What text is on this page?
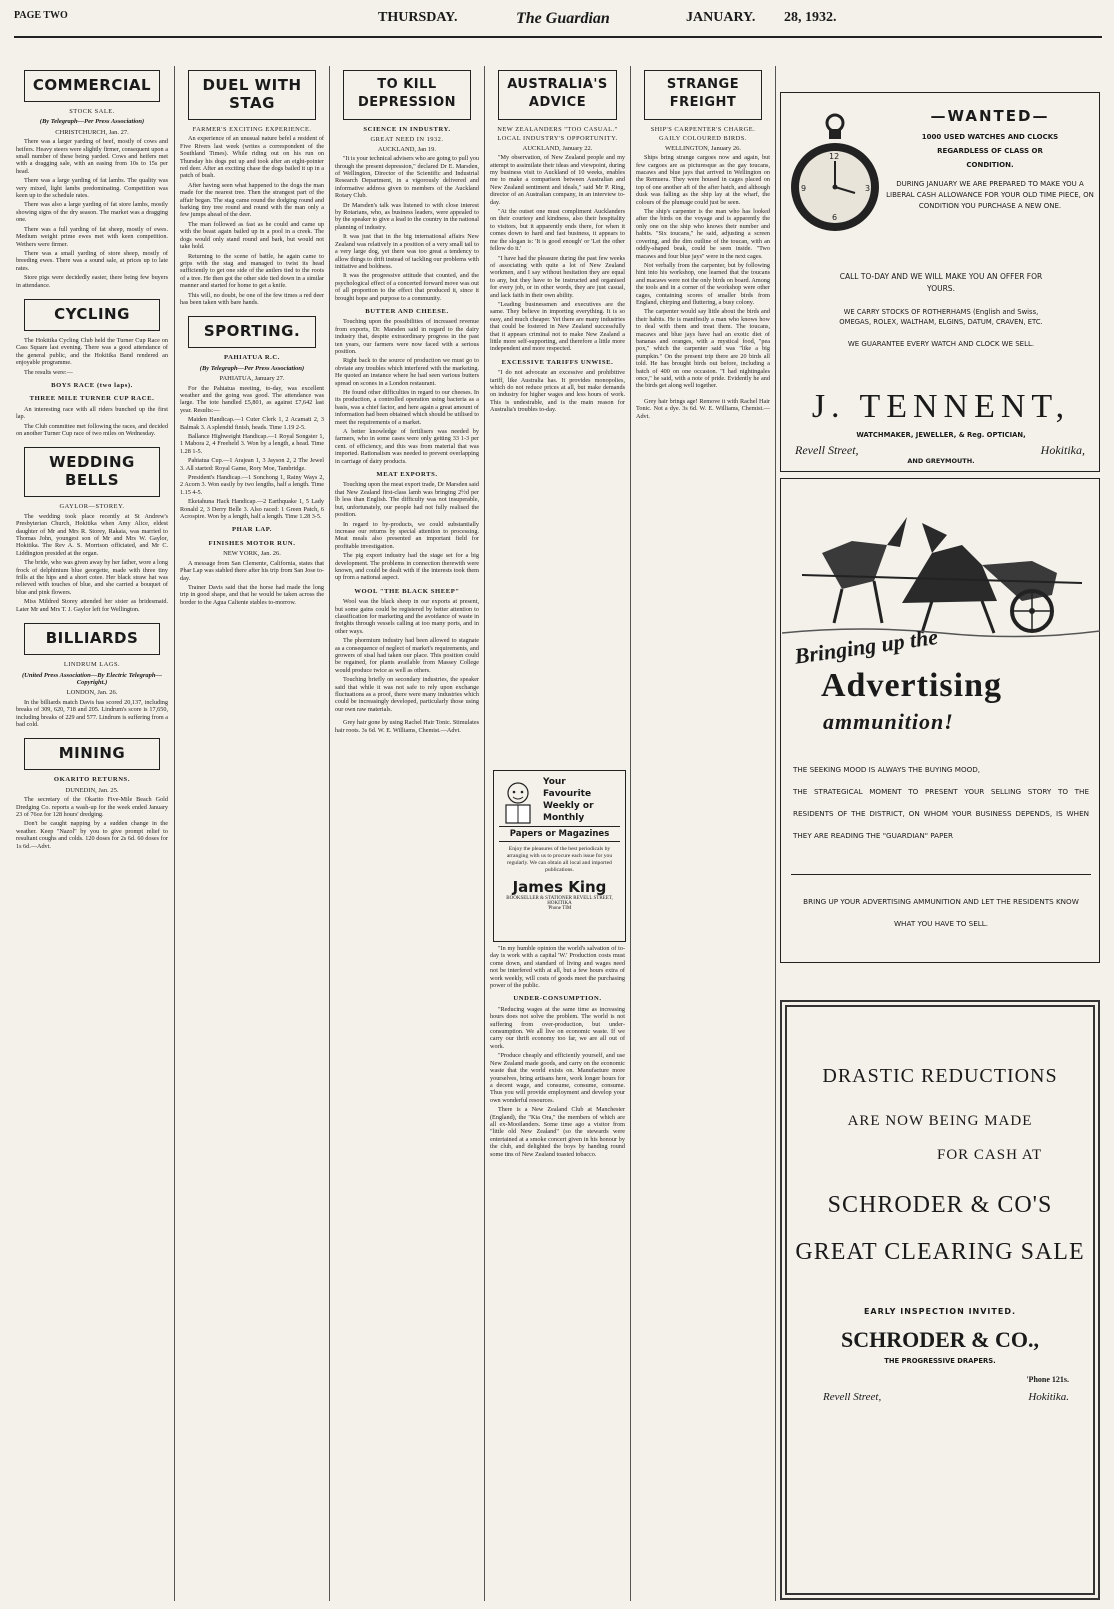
PAGE TWO	THURSDAY.	The Guardian	JANUARY. 28, 1932.
COMMERCIAL
STOCK SALE.
(By Telegraph—Per Press Association)
CHRISTCHURCH, Jan. 27.

There was a larger yarding of beef, mostly of cows and heifers. Heavy steers were slightly firmer, consequent upon a small number of these being yarded. Cows and heifers met with a dragging sale, with an easing from 10s to 15s per head.

There was a large yarding of fat lambs. The quality was very mixed, light lambs predominating. Competition was keen up to the schedule rates.

There was also a large yarding of fat store lambs, mostly showing signs of the dry season. The market was a dragging one.

There was a full yarding of fat sheep, mostly of ewes. Medium weight prime ewes met with keen competition. Wethers were firmer.

There was a small yarding of store sheep, mostly of breeding ewes. There was a sound sale, at prices up to late rates.

Store pigs were decidedly easier, there being few buyers in attendance.

CYCLING

The Hokitika Cycling Club held the Turner Cup Race on Cass Square last evening. There was a good attendance of the general public, and the Hokitika Band rendered an enjoyable programme.

The results were:—

BOYS RACE (two laps).
THREE MILE TURNER CUP RACE.

An interesting race with all riders bunched up the first lap.

The Club committee met following the races, and decided on another Turner Cup race of two miles on Wednesday.

WEDDING BELLS
GAYLOR—STOREY.

The wedding took place recently at St Andrew's Presbyterian Church, Hokitika when Amy Alice, eldest daughter of Mr and Mrs R. Storey, Rakaia, was married to Thomas John, youngest son of Mr and Mrs W. Gaylor, Hokitika. The Rev A. S. Morrison officiated, and Mr C. Liddington presided at the organ.

The bride, who was given away by her father, wore a long frock of delphinium blue georgette, made with three tiny frills at the hips and a short cotee. Her black straw hat was relieved with touches of blue, and she carried a bouquet of blue and pink flowers.

Miss Mildred Storey attended her sister as bridesmaid. Later Mr and Mrs T. J. Gaylor left for Wellington.

BILLIARDS
LINDRUM LAGS.
(United Press Association—By Electric Telegraph—Copyright.)
LONDON, Jan. 26.

In the billiards match Davis has scored 20,137, including breaks of 309, 620, 718 and 205. Lindrum's score is 17,650, including breaks of 229 and 577. Lindrum is suffering from a bad cold.

MINING
OKARITO RETURNS.
DUNEDIN, Jan. 25.

The secretary of the Okarito Five-Mile Beach Gold Dredging Co. reports a wash-up for the week ended January 23 of 76oz for 128 hours' dredging.

Don't be caught napping by a sudden change in the weather. Keep "Nazol" by you to give prompt relief to resultant coughs and colds. 120 doses for 2s 6d. 60 doses for 1s 6d.—Advt.

DUEL WITH STAG
FARMER'S EXCITING EXPERIENCE.

An experience of an unusual nature befel a resident of Five Rivers last week (writes a correspondent of the Southland Times). While riding out on his run on Thursday his dogs put up and took after an eight-pointer red deer. After an exciting chase the dogs bailed it up in a patch of bush.

After having seen what happened to the dogs the man made for the nearest tree. Then the strangest part of the affair began. The stag came round the dodging round and barking tiny tree round and round with the man only a few jumps ahead of the deer.

The man followed as fast as he could and came up with the beast again bailed up in a pool in a creek. The dogs would only stand round and bark, but would not take hold.

Returning to the scene of battle, he again came to grips with the stag and managed to twist its head sufficiently to get one side of the antlers tied to the roots of a tree. He then got the other side tied down in a similar manner and started for home to get a knife.

This will, no doubt, be one of the few times a red deer has been taken with bare hands.

SPORTING.
PAHIATUA R.C.
(By Telegraph—Per Press Association)
PAHIATUA, January 27.

For the Pahiatua meeting, to-day, was excellent weather and the going was good. The attendance was large. The tote handled £5,801, as against £7,642 last year. Results:—

Maiden Handicap.—1 Cuter Clerk 1, 2 Acamati 2, 3 Balmak 3. A splendid finish, heads. Time 1.19 2-5.

Ballance Highweight Handicap.—1 Royal Songster 1, 1 Mabora 2, 4 Freeheld 3. Won by a length, a head. Time 1.28 1-5.

Pahiatua Cup.—1 Arajean 1, 3 Jayson 2, 2 The Jewel 3. All started: Royal Game, Rory Moe, Tambridge.

President's Handicap.—1 Sonchong 1, Rainy Ways 2, 2 Acorn 3. Won easily by two lengths, half a length. Time 1.15 4-5.

Eketahuna Hack Handicap.—2 Earthquake 1, 5 Lady Ronald 2, 3 Derry Belle 3. Also raced: 1 Green Patch, 6 Acrospire. Won by a length, half a length. Time 1.28 3-5.

PHAR LAP.
FINISHES MOTOR RUN.
NEW YORK, Jan. 26.

A message from San Clemente, California, states that Phar Lap was stabled there after his trip from San Jose to-day.

Trainer Davis said that the horse had made the long trip in good shape, and that he would be taken across the border to the Agua Caliente stables to-morrow.

TO KILL DEPRESSION
SCIENCE IN INDUSTRY.
GREAT NEED IN 1932.
AUCKLAND, Jan 19.

"It is your technical advisers who are going to pull you through the present depression," declared Dr E. Marsden, of Wellington, Director of the Scientific and Industrial Research Department, in a vigorously delivered and informative address given to members of the Auckland Rotary Club.

Dr Marsden's talk was listened to with close interest by Rotarians, who, as business leaders, were appealed to by the speaker to give a lead to the country in the national planning of industry.

It was just that in the big international affairs New Zealand was relatively in a position of a very small tail to a very large dog, yet there was too great a tendency to allow things to drift instead of tackling our problems with initiative and boldness.

It was the progressive attitude that counted, and the psychological effect of a concerted forward move was out of all proportion to the effect that produced it, since it brought hope and purpose to a community.

BUTTER AND CHEESE.

Touching upon the possibilities of increased revenue from exports, Dr. Marsden said in regard to the dairy industry that, despite extraordinary progress in the past ten years, our farmers were now faced with a serious position.

Right back to the source of production we must go to obviate any troubles which interfered with the marketing. He quoted an instance where he had seen various butters spread on scones in a London restaurant.

He found other difficulties in regard to our cheeses. In its production, a controlled operation using bacteria as a basis, was a chief factor, and here again a great amount of information had been obtained which should be utilised to meet the requirements of a market.

A better knowledge of fertilisers was needed by farmers, who in some cases were only getting 33 1-3 per cent. of efficiency, and this was from material that was imported. Rationalism was needed to prevent overlapping in carriage of dairy products.

MEAT EXPORTS.

Touching upon the meat export trade, Dr Marsden said that New Zealand first-class lamb was bringing 2½d per lb less than English. The difficulty was not insuperable, but, unfortunately, our people had not fully realised the position.

In regard to by-products, we could substantially increase our returns by special attention to processing. Meat meals also presented an important field for profitable investigation.

The pig export industry had the stage set for a big development. The problems in connection therewith were known, and could be dealt with if the interests took them up from a national aspect.

WOOL "THE BLACK SHEEP"

Wool was the black sheep in our exports at present, but some gains could be registered by better attention to classification for marketing and the avoidance of waste in freights through vessels calling at too many ports, and in other ways.

The phormium industry had been allowed to stagnate as a consequence of neglect of market's requirements, and growers of sisal had taken our place. This position could be regained, for plants available from Massey College would produce twice as well as others.

Touching briefly on secondary industries, the speaker said that while it was not safe to rely upon exchange fluctuations as a proof, there were many industries which could be increasingly developed, particularly those using our own raw materials.

Grey hair gone by using Rachel Hair Tonic. Stimulates hair roots. 3s 6d. W. E. Williams, Chemist.—Advt.

AUSTRALIA'S ADVICE
NEW ZEALANDERS "TOO CASUAL."
LOCAL INDUSTRY'S OPPORTUNITY.
AUCKLAND, January 22.

"My observation, of New Zealand people and my attempt to assimilate their ideas and viewpoint, during my business visit to Auckland of 10 weeks, enables me to make a comparison between Australian and New Zealand sentiment and ideals," said Mr P. Ring, director of an Australian company, in an interview to-day.

"At the outset one must compliment Aucklanders on their courtesy and kindness, also their hospitality to visitors, but it apparently ends there, for when it comes down to hard and fast business, it appears to me the slogan is: 'It is good enough' or 'Let the other fellow do it.'

"I have had the pleasure during the past few weeks of associating with quite a lot of New Zealand workmen, and I say without hesitation they are equal to any, but they have to be instructed and organised for every job, or in other words, they are just casual, and lack faith in their own ability.

"Leading businessmen and executives are the same. They believe in importing everything. It is so easy, and much cheaper. Yet there are many industries that could be fostered in New Zealand successfully that it appears criminal not to make New Zealand a little more self-supporting, and therefore a little more independent and more respected.

EXCESSIVE TARIFFS UNWISE.

"I do not advocate an excessive and prohibitive tariff, like Australia has. It provides monopolies, which do not reduce prices at all, but make demands on industry for higher wages and less hours of work. This is undesirable, and is the main reason for Australia's troubles to-day.

"In my humble opinion the world's salvation of to-day is work with a capital 'W.' Production costs must come down, and standard of living and wages need not be interfered with at all, but a few hours extra of work weekly, will costs of goods meet the purchasing power of the public.

UNDER-CONSUMPTION.

"Reducing wages at the same time as increasing hours does not solve the problem. The world is not suffering from over-production, but under-consumption. We all live on economic waste. If we carry our thrift economy too far, we are all out of work.

"Produce cheaply and efficiently yourself, and use New Zealand made goods, and carry on the economic waste that the world exists on. Manufacture more yourselves, bring artisans here, work longer hours for a decent wage, and consume, consume, consume. Thus you will provide employment and develop your own wonderful resources.

There is a New Zealand Club at Manchester (England), the "Kia Ora," the members of which are all ex-Mooilanders. Some time ago a visitor from "little old New Zealand" (so the stewards were entertained at a smoke concert given in his honour by the club, and delighted the boys by handing round some tins of New Zealand toasted tobacco.

Your
Favourite
Weekly or
Monthly
Papers or Magazines
Enjoy the pleasures of the best periodicals by arranging with us to procure each issue for you regularly. We can obtain all local and imported publications.
James King
BOOKSELLER & STATIONER REVELL STREET, HOKITIKA
'Phone TIM
STRANGE FREIGHT
SHIP'S CARPENTER'S CHARGE.
GAILY COLOURED BIRDS.
WELLINGTON, January 26.

Ships bring strange cargoes now and again, but few cargoes are as picturesque as the gay toucans, macaws and blue jays that arrived in Wellington on the Remuera. They were housed in cages placed on top of one another aft of the after hatch, and although dusk was falling as the ship lay at the wharf, the colours of the plumage could just be seen.

The ship's carpenter is the man who has looked after the birds on the voyage and is apparently the only one on the ship who knows their number and habits. "Six toucans," he said, adjusting a screen covering, and the dim outline of the toucan, with an oddly-shaped beak, could be seen inside. "Two macaws and four blue jays" were in the next cages.

Not verbally from the carpenter, but by following hint into his workshop, one learned that the toucans and macaws were not the only birds on board. Among the tools and in a corner of the workshop were other cages, containing scores of smaller birds from England, chirping and fluttering, a busy colony.

The carpenter would say little about the birds and their habits. He is manifestly a man who knows how to deal with them and treat them. The toucans, macaws and blue jays have had an exotic diet of bananas and oranges, with a mystical food, "pea pox," which the carpenter said was "like a big pumpkin." On the present trip there are 20 birds all told. He has brought birds out before, including a batch of 400 on one occasion. "I had nightingales once," he said, with a note of pride. Evidently he and the birds get along well together.

Grey hair brings age! Remove it with Rachel Hair Tonic. Not a dye. 3s 6d. W. E. Williams, Chemist.—Advt.

12
3
6
9
—WANTED—
1000 USED WATCHES AND CLOCKS
REGARDLESS OF CLASS OR
CONDITION.
DURING JANUARY WE ARE PREPARED TO MAKE YOU A LIBERAL CASH ALLOWANCE FOR YOUR OLD TIME PIECE, ON CONDITION YOU PURCHASE A NEW ONE.
CALL TO-DAY AND WE WILL MAKE YOU AN OFFER FOR YOURS.
WE CARRY STOCKS OF ROTHERHAMS (English and Swiss, OMEGAS, ROLEX, WALTHAM, ELGINS, DATUM, CRAVEN, ETC.
WE GUARANTEE EVERY WATCH AND CLOCK WE SELL.
J. TENNENT,
WATCHMAKER, JEWELLER, & Reg. OPTICIAN,
Revell Street,	Hokitika,
AND GREYMOUTH.
Bringing up the
Advertising
ammunition!
THE SEEKING MOOD IS ALWAYS THE BUYING MOOD,
THE STRATEGICAL MOMENT TO PRESENT YOUR SELLING STORY TO THE RESIDENTS OF THE DISTRICT, ON WHOM YOUR BUSINESS DEPENDS, IS WHEN THEY ARE READING THE "GUARDIAN" PAPER
BRING UP YOUR ADVERTISING AMMUNITION AND LET THE RESIDENTS KNOW WHAT YOU HAVE TO SELL.
DRASTIC REDUCTIONS
ARE NOW BEING MADE
FOR CASH AT
SCHRODER & CO'S
GREAT CLEARING SALE
EARLY INSPECTION INVITED.
SCHRODER & CO.,
THE PROGRESSIVE DRAPERS.
'Phone 121s.
Revell Street,	Hokitika.
